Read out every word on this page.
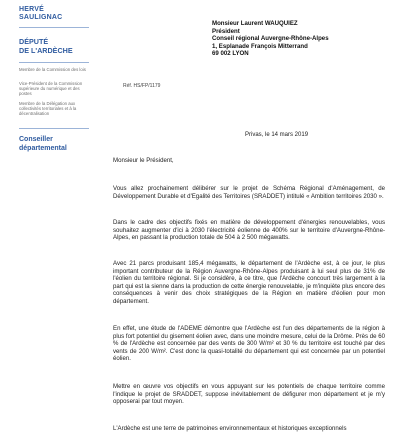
HERVÉ
SAULIGNAC
DÉPUTÉ
DE L'ARDÈCHE
Membre de la Commission des lois
Vice-Président de la Commission supérieure du numérique et des postes
Membre de la Délégation aux collectivités territoriales et à la décentralisation
Conseiller
départemental
Monsieur Laurent WAUQUIEZ
Président
Conseil régional Auvergne-Rhône-Alpes
1, Esplanade François Mitterrand
69 002 LYON
Réf. HS/FP/1179
Privas, le 14 mars 2019
Monsieur le Président,
Vous allez prochainement délibérer sur le projet de Schéma Régional d'Aménagement, de Développement Durable et d'Egalité des Territoires (SRADDET) intitulé « Ambition territoires 2030 ».
Dans le cadre des objectifs fixés en matière de développement d'énergies renouvelables, vous souhaitez augmenter d'ici à 2030 l'électricité éolienne de 400% sur le territoire d'Auvergne-Rhône-Alpes, en passant la production totale de 504 à 2 500 mégawatts.
Avec 21 parcs produisant 185,4 mégawatts, le département de l'Ardèche est, à ce jour, le plus important contributeur de la Région Auvergne-Rhône-Alpes produisant à lui seul plus de 31% de l'éolien du territoire régional. Si je considère, à ce titre, que l'Ardèche concourt très largement à la part qui est la sienne dans la production de cette énergie renouvelable, je m'inquiète plus encore des conséquences à venir des choix stratégiques de la Région en matière d'éolien pour mon département.
En effet, une étude de l'ADEME démontre que l'Ardèche est l'un des départements de la région à plus fort potentiel du gisement éolien avec, dans une moindre mesure, celui de la Drôme. Près de 60 % de l'Ardèche est concernée par des vents de 300 W/m² et 30 % du territoire est touché par des vents de 200 W/m². C'est donc la quasi-totalité du département qui est concernée par un potentiel éolien.
Mettre en œuvre vos objectifs en vous appuyant sur les potentiels de chaque territoire comme l'indique le projet de SRADDET, suppose inévitablement de défigurer mon département et je m'y opposerai par tout moyen.
L'Ardèche est une terre de patrimoines environnementaux et historiques exceptionnels
